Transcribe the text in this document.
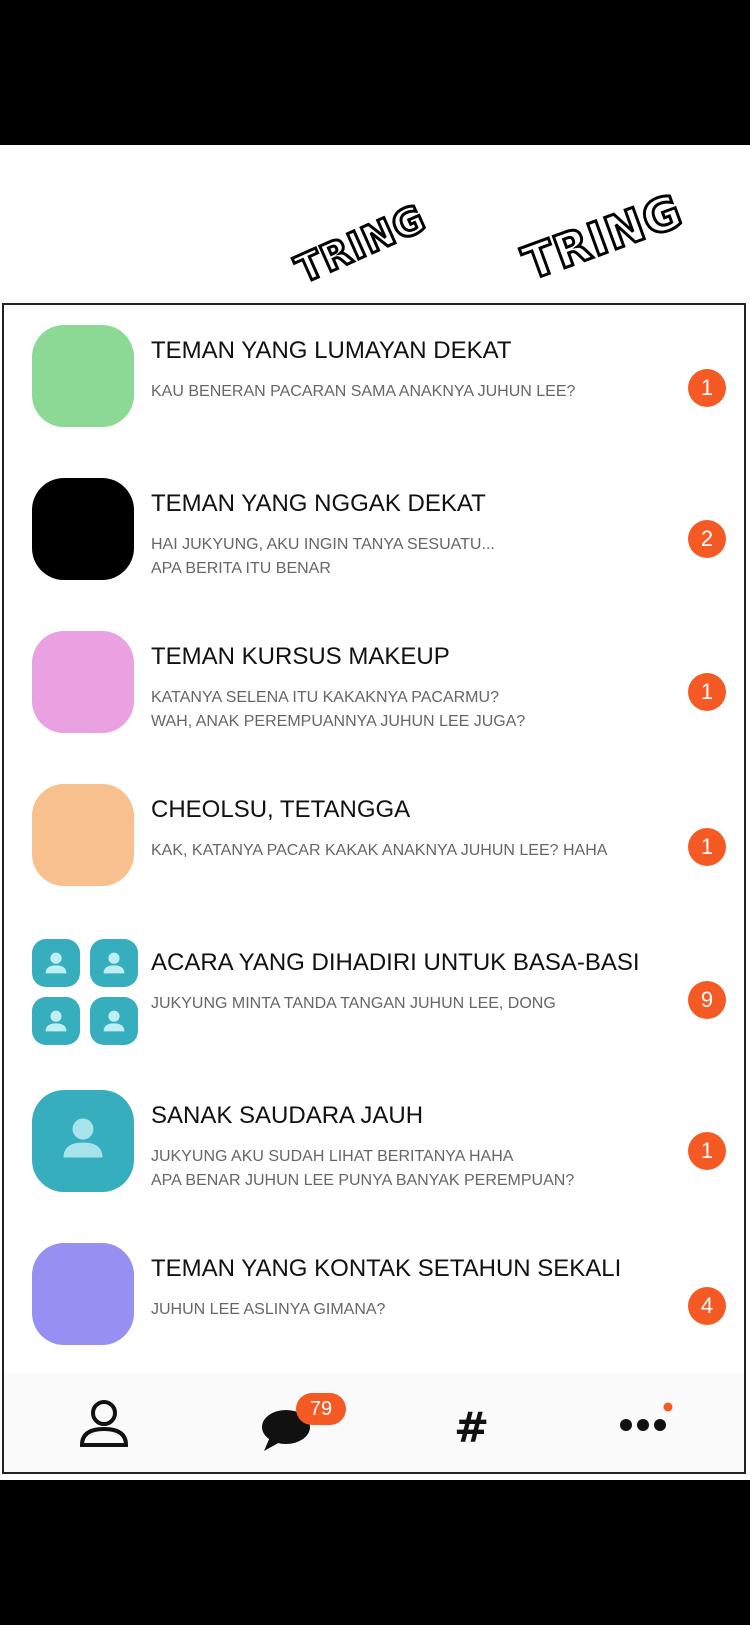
TRING TRING
TEMAN YANG LUMAYAN DEKAT
KAU BENERAN PACARAN SAMA ANAKNYA JUHUN LEE?	1
TEMAN YANG NGGAK DEKAT
HAI JUKYUNG, AKU INGIN TANYA SESUATU...
APA BERITA ITU BENAR
2
TEMAN KURSUS MAKEUP
KATANYA SELENA ITU KAKAKNYA PACARMU?
WAH, ANAK PEREMPUANNYA JUHUN LEE JUGA?
1
CHEOLSU, TETANGGA
KAK, KATANYA PACAR KAKAK ANAKNYA JUHUN LEE? HAHA	1
ACARA YANG DIHADIRI UNTUK BASA-BASI
JUKYUNG MINTA TANDA TANGAN JUHUN LEE, DONG	9
SANAK SAUDARA JAUH
JUKYUNG AKU SUDAH LIHAT BERITANYA HAHA
APA BENAR JUHUN LEE PUNYA BANYAK PEREMPUAN?
1
TEMAN YANG KONTAK SETAHUN SEKALI
JUHUN LEE ASLINYA GIMANA?	4
79	#
